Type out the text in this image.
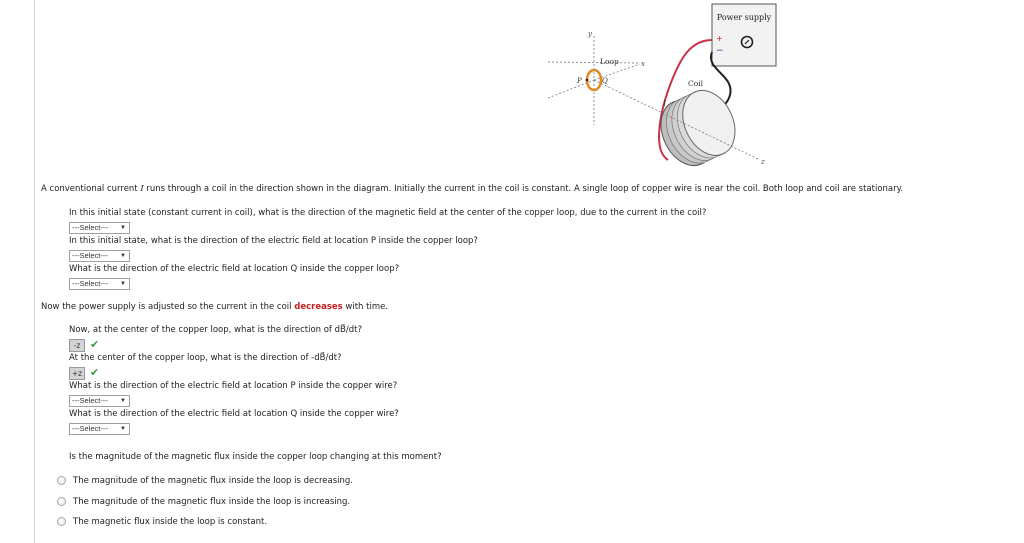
Power supply
+
−
Coil
I
y
x
z
Loop
P	Q
A conventional current I runs through a coil in the direction shown in the diagram. Initially the current in the coil is constant. A single loop of copper wire is near the coil. Both loop and coil are stationary.
In this initial state (constant current in coil), what is the direction of the magnetic field at the center of the copper loop, due to the current in the coil?
---Select--- ▼
In this initial state, what is the direction of the electric field at location P inside the copper loop?
---Select--- ▼
What is the direction of the electric field at location Q inside the copper loop?
---Select--- ▼
Now the power supply is adjusted so the current in the coil decreases with time.
Now, at the center of the copper loop, what is the direction of dB⃗/dt?
-z ✔
At the center of the copper loop, what is the direction of -dB⃗/dt?
+z ✔
What is the direction of the electric field at location P inside the copper wire?
---Select--- ▼
What is the direction of the electric field at location Q inside the copper wire?
---Select--- ▼
Is the magnitude of the magnetic flux inside the copper loop changing at this moment?
The magnitude of the magnetic flux inside the loop is decreasing.
The magnitude of the magnetic flux inside the loop is increasing.
The magnetic flux inside the loop is constant.
